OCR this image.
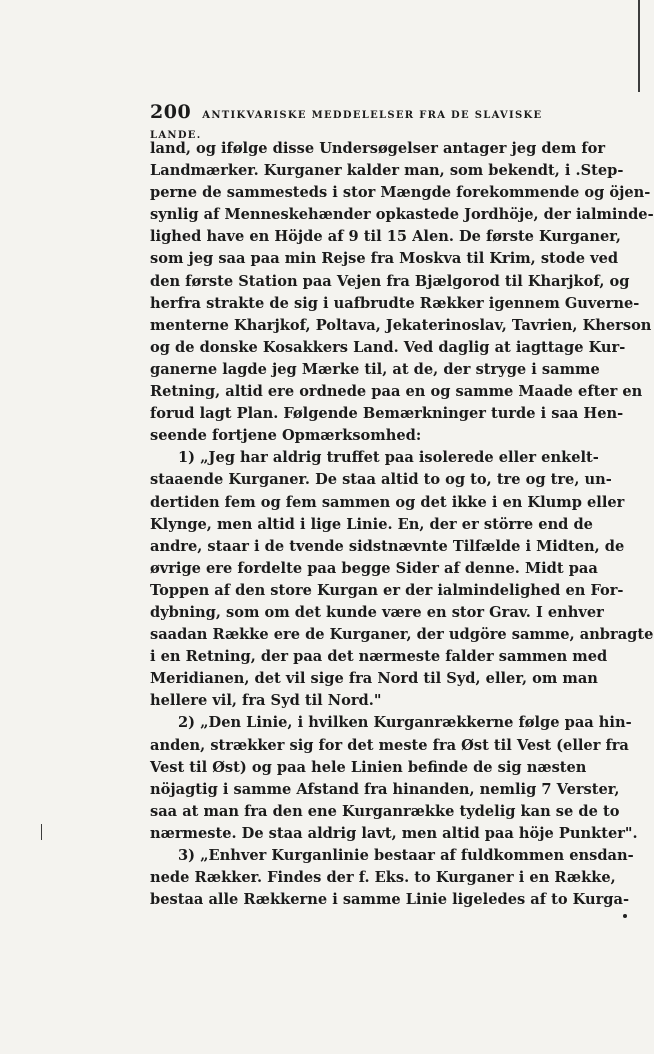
200 ANTIKVARISKE MEDDELELSER FRA DE SLAVISKE LANDE.
land, og ifølge disse Undersøgelser antager jeg dem for
Landmærker. Kurganer kalder man, som bekendt, i .Step-
perne de sammesteds i stor Mængde forekommende og öjen-
synlig af Menneskehænder opkastede Jordhöje, der ialminde-
lighed have en Höjde af 9 til 15 Alen. De første Kurganer,
som jeg saa paa min Rejse fra Moskva til Krim, stode ved
den første Station paa Vejen fra Bjælgorod til Kharjkof, og
herfra strakte de sig i uafbrudte Rækker igennem Guverne-
menterne Kharjkof, Poltava, Jekaterinoslav, Tavrien, Kherson
og de donske Kosakkers Land. Ved daglig at iagttage Kur-
ganerne lagde jeg Mærke til, at de, der stryge i samme
Retning, altid ere ordnede paa en og samme Maade efter en
forud lagt Plan. Følgende Bemærkninger turde i saa Hen-
seende fortjene Opmærksomhed:
1) „Jeg har aldrig truffet paa isolerede eller enkelt-
staaende Kurganer. De staa altid to og to, tre og tre, un-
dertiden fem og fem sammen og det ikke i en Klump eller
Klynge, men altid i lige Linie. En, der er större end de
andre, staar i de tvende sidstnævnte Tilfælde i Midten, de
øvrige ere fordelte paa begge Sider af denne. Midt paa
Toppen af den store Kurgan er der ialmindelighed en For-
dybning, som om det kunde være en stor Grav. I enhver
saadan Række ere de Kurganer, der udgöre samme, anbragte
i en Retning, der paa det nærmeste falder sammen med
Meridianen, det vil sige fra Nord til Syd, eller, om man
hellere vil, fra Syd til Nord."
2) „Den Linie, i hvilken Kurganrækkerne følge paa hin-
anden, strækker sig for det meste fra Øst til Vest (eller fra
Vest til Øst) og paa hele Linien befinde de sig næsten
nöjagtig i samme Afstand fra hinanden, nemlig 7 Verster,
saa at man fra den ene Kurganrække tydelig kan se de to
nærmeste. De staa aldrig lavt, men altid paa höje Punkter".
3) „Enhver Kurganlinie bestaar af fuldkommen ensdan-
nede Rækker. Findes der f. Eks. to Kurganer i en Række,
bestaa alle Rækkerne i samme Linie ligeledes af to Kurga-
